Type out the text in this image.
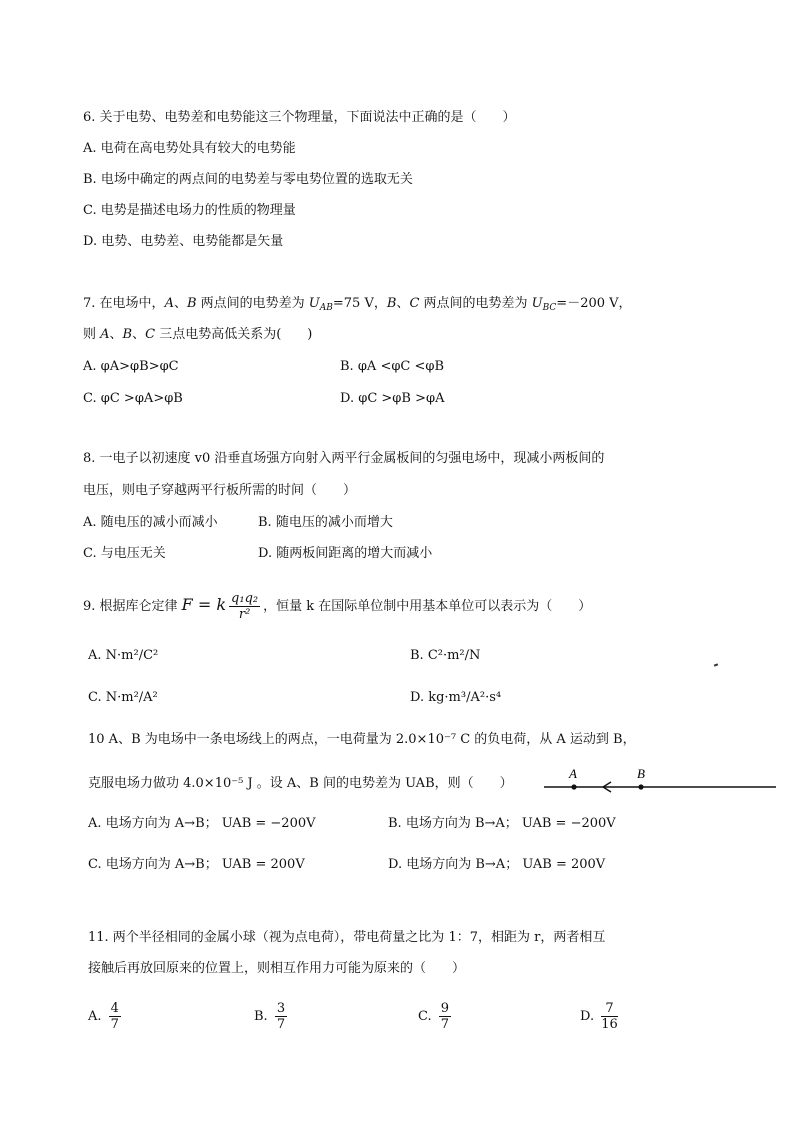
6. 关于电势、电势差和电势能这三个物理量，下面说法中正确的是（　　）
A. 电荷在高电势处具有较大的电势能
B. 电场中确定的两点间的电势差与零电势位置的选取无关
C. 电势是描述电场力的性质的物理量
D. 电势、电势差、电势能都是矢量
7. 在电场中，A、B 两点间的电势差为 $U_{AB}=75$ V，B、C 两点间的电势差为 $U_{BC}=-200$ V，
则 A、B、C 三点电势高低关系为(　　)
A. φA>φB>φC	B. φA <φC <φB
C. φC >φA>φB	D. φC >φB >φA
8. 一电子以初速度 v0 沿垂直场强方向射入两平行金属板间的匀强电场中，现减小两板间的
电压，则电子穿越两平行板所需的时间（　　）
A. 随电压的减小而减小	B. 随电压的减小而增大
C. 与电压无关	D. 随两板间距离的增大而减小
9. 根据库仑定律 F = k $\frac{\text{q₁q₂}}{\text{r²}}$ ，恒量 k 在国际单位制中用基本单位可以表示为（　　）
A. N·m²/C²	B. C²·m²/N
C. N·m²/A²	D. kg·m³/A²·s⁴
10 A、B 为电场中一条电场线上的两点，一电荷量为 2.0×10⁻⁷ C 的负电荷，从 A 运动到 B，
克服电场力做功 4.0×10⁻⁵ J 。设 A、B 间的电势差为 UAB，则（　　）
A	B
A. 电场方向为 A→B； UAB = −200V	B. 电场方向为 B→A； UAB = −200V
C. 电场方向为 A→B； UAB = 200V	D. 电场方向为 B→A； UAB = 200V
11. 两个半径相同的金属小球（视为点电荷），带电荷量之比为 1：7，相距为 r，两者相互
接触后再放回原来的位置上，则相互作用力可能为原来的（　　）
A. $\frac{4}{7}$	B. $\frac{3}{7}$	C. $\frac{9}{7}$	D. $\frac{7}{16}$
